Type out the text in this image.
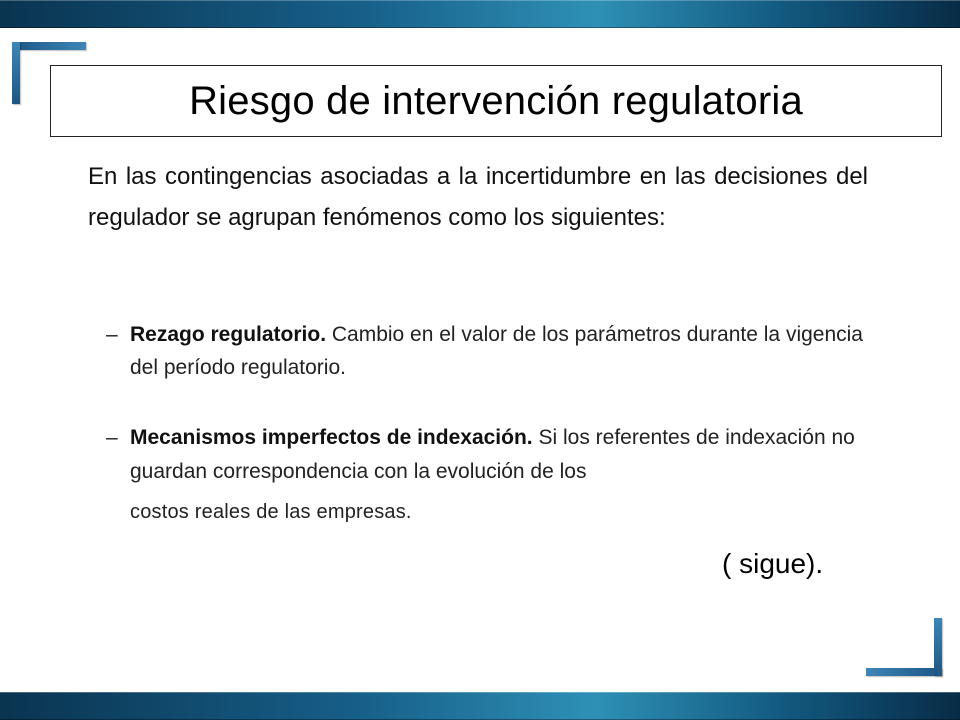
Riesgo de intervención regulatoria
En las contingencias asociadas a la incertidumbre en las decisiones del regulador se agrupan fenómenos como los siguientes:
– Rezago regulatorio. Cambio en el valor de los parámetros durante la vigencia del período regulatorio.
– Mecanismos imperfectos de indexación. Si los referentes de indexación no guardan correspondencia con la evolución de los
costos reales de las empresas.
( sigue).
